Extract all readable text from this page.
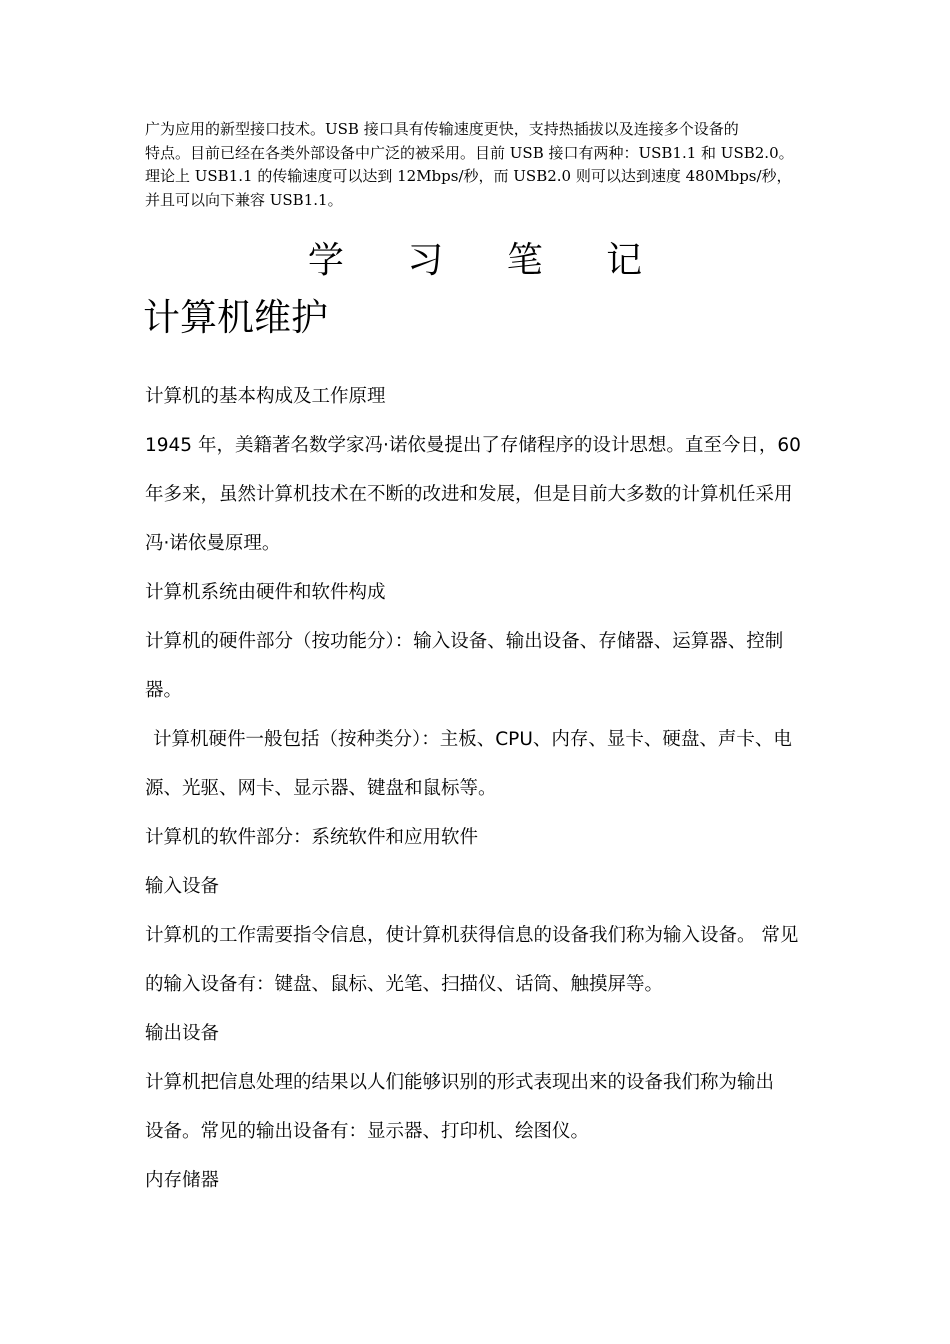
广为应用的新型接口技术。USB 接口具有传输速度更快，支持热插拔以及连接多个设备的

特点。目前已经在各类外部设备中广泛的被采用。目前 USB 接口有两种：USB1.1 和 USB2.0。

理论上 USB1.1 的传输速度可以达到 12Mbps/秒，而 USB2.0 则可以达到速度 480Mbps/秒，

并且可以向下兼容 USB1.1。

学 习 笔 记
计算机维护

计算机的基本构成及工作原理

1945 年，美籍著名数学家冯·诺依曼提出了存储程序的设计思想。直至今日，60

年多来，虽然计算机技术在不断的改进和发展，但是目前大多数的计算机任采用

冯·诺依曼原理。

计算机系统由硬件和软件构成

计算机的硬件部分（按功能分）：输入设备、输出设备、存储器、运算器、控制

器。

计算机硬件一般包括（按种类分）：主板、CPU、内存、显卡、硬盘、声卡、电

源、光驱、网卡、显示器、键盘和鼠标等。

计算机的软件部分：系统软件和应用软件

输入设备

计算机的工作需要指令信息，使计算机获得信息的设备我们称为输入设备。 常见

的输入设备有：键盘、鼠标、光笔、扫描仪、话筒、触摸屏等。

输出设备

计算机把信息处理的结果以人们能够识别的形式表现出来的设备我们称为输出

设备。常见的输出设备有：显示器、打印机、绘图仪。

内存储器
